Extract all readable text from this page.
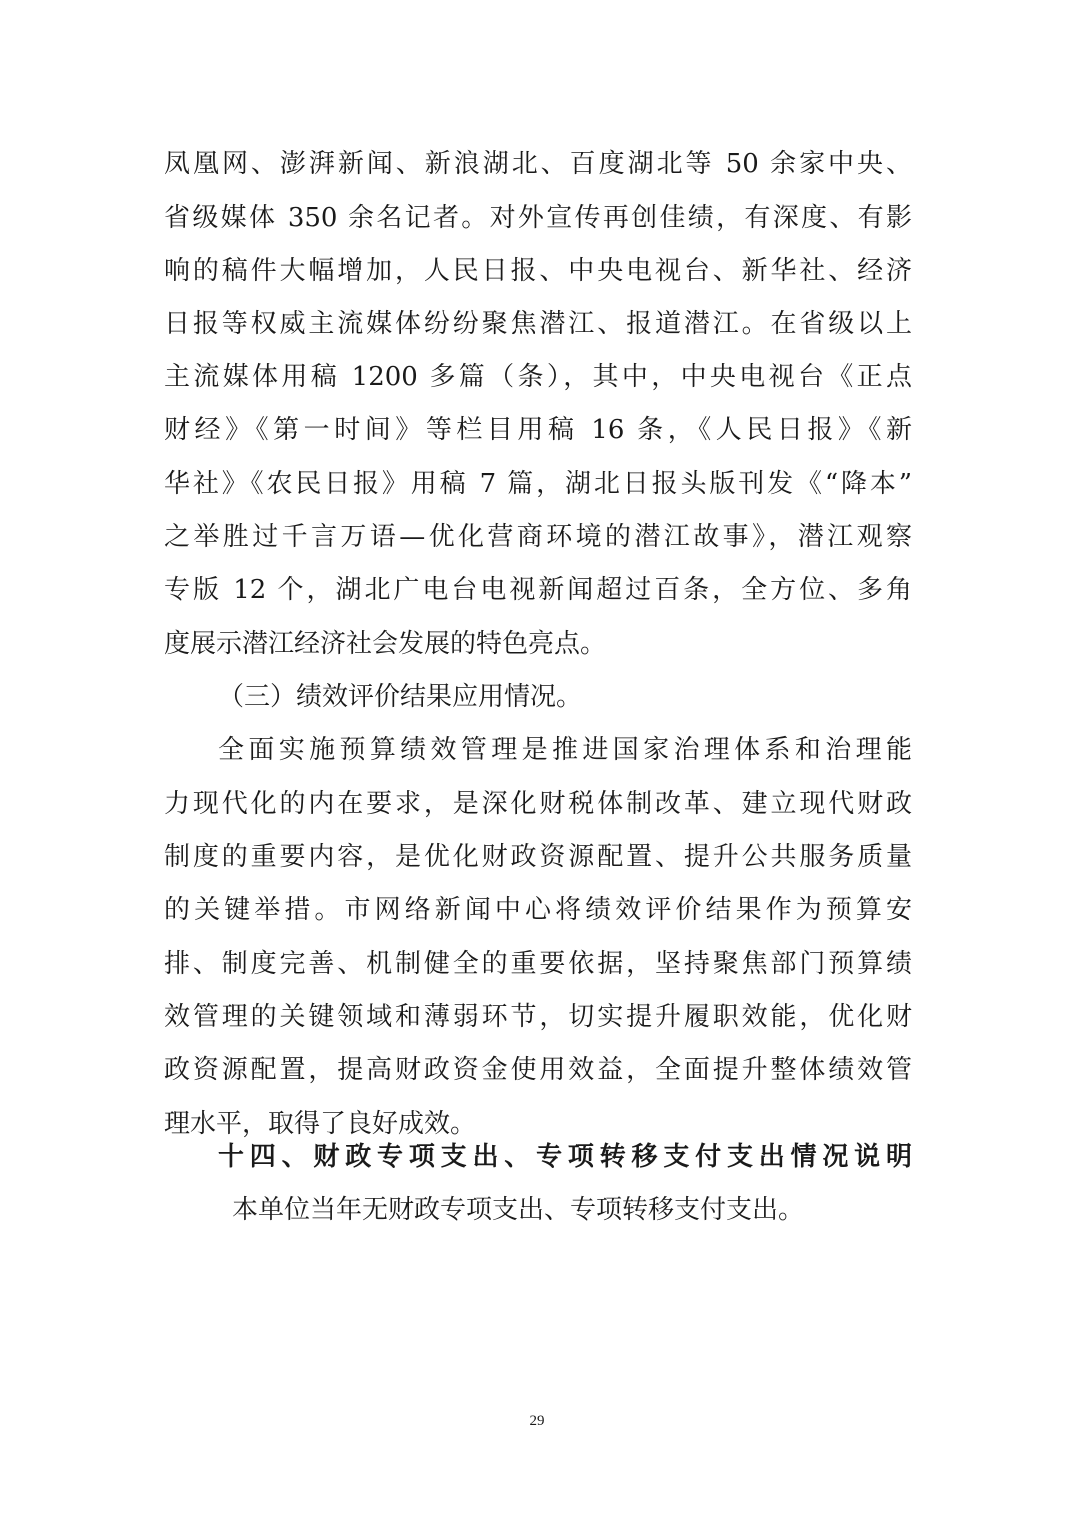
凤凰网、澎湃新闻、新浪湖北、百度湖北等 50 余家中央、
省级媒体 350 余名记者。对外宣传再创佳绩，有深度、有影
响的稿件大幅增加，人民日报、中央电视台、新华社、经济
日报等权威主流媒体纷纷聚焦潜江、报道潜江。在省级以上
主流媒体用稿 1200 多篇（条），其中，中央电视台《正点
财经》《第一时间》等栏目用稿 16 条，《人民日报》《新
华社》《农民日报》用稿 7 篇，湖北日报头版刊发《“降本”
之举胜过千言万语—优化营商环境的潜江故事》，潜江观察
专版 12 个，湖北广电台电视新闻超过百条，全方位、多角
度展示潜江经济社会发展的特色亮点。
（三）绩效评价结果应用情况。
全面实施预算绩效管理是推进国家治理体系和治理能
力现代化的内在要求，是深化财税体制改革、建立现代财政
制度的重要内容，是优化财政资源配置、提升公共服务质量
的关键举措。市网络新闻中心将绩效评价结果作为预算安
排、制度完善、机制健全的重要依据，坚持聚焦部门预算绩
效管理的关键领域和薄弱环节，切实提升履职效能，优化财
政资源配置，提高财政资金使用效益，全面提升整体绩效管
理水平，取得了良好成效。
十四、财政专项支出、专项转移支付支出情况说明
本单位当年无财政专项支出、专项转移支付支出。
29
